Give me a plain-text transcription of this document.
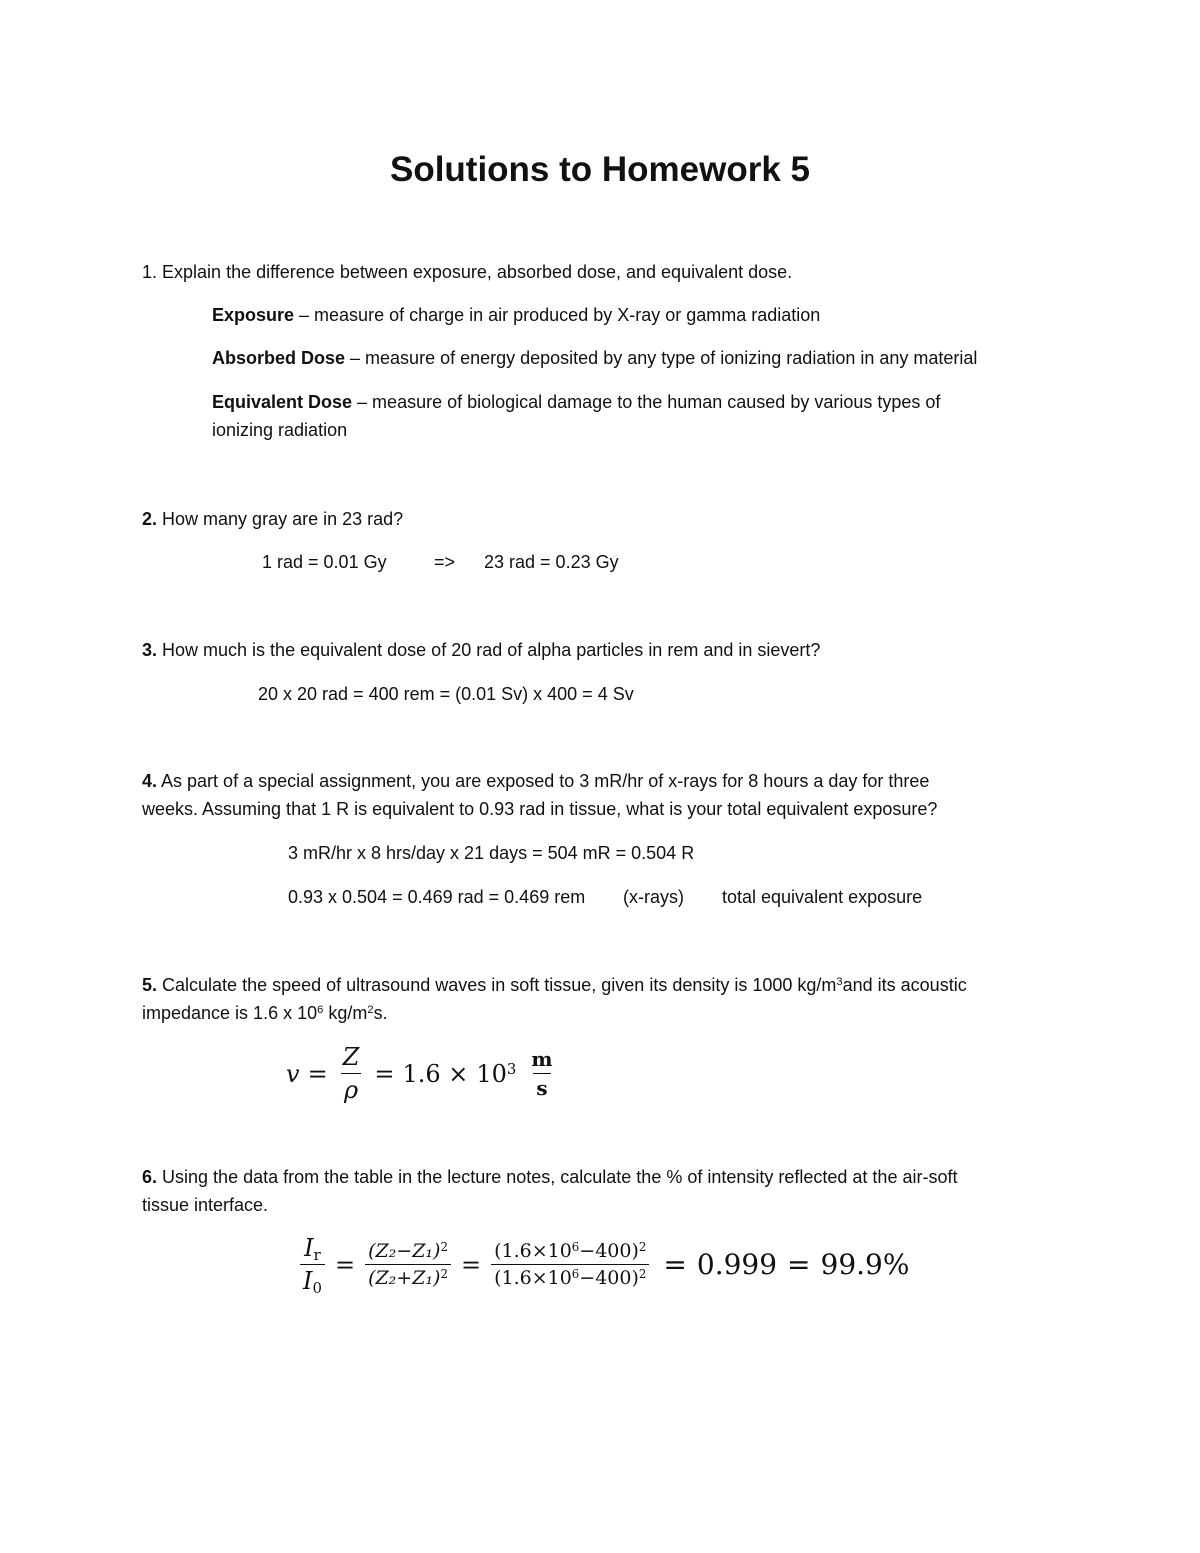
Solutions to Homework 5
1. Explain the difference between exposure, absorbed dose, and equivalent dose.
Exposure – measure of charge in air produced by X-ray or gamma radiation
Absorbed Dose – measure of energy deposited by any type of ionizing radiation in any material
Equivalent Dose – measure of biological damage to the human caused by various types of
ionizing radiation
2. How many gray are in 23 rad?
1 rad = 0.01 Gy	=> 23 rad = 0.23 Gy
3. How much is the equivalent dose of 20 rad of alpha particles in rem and in sievert?
20 x 20 rad = 400 rem = (0.01 Sv) x 400 = 4 Sv
4. As part of a special assignment, you are exposed to 3 mR/hr of x-rays for 8 hours a day for three
weeks. Assuming that 1 R is equivalent to 0.93 rad in tissue, what is your total equivalent exposure?
3 mR/hr x 8 hrs/day x 21 days = 504 mR = 0.504 R
0.93 x 0.504 = 0.469 rad = 0.469 rem (x-rays) total equivalent exposure
5. Calculate the speed of ultrasound waves in soft tissue, given its density is 1000 $kg/m^3and$ its acoustic
impedance is 1.6 x $10^6$ $kg/m^2s$.
$v = \frac{Z}{\rho} = 1.6 \times 10^3 \frac{m}{s}$
6. Using the data from the table in the lecture notes, calculate the % of intensity reflected at the air-soft
tissue interface.
$\frac{I_r}{I_0} = \frac{(Z_2-Z_1)^2}{(Z_2+Z_1)^2} = \frac{(1.6\times 10^6-400)^2}{(1.6\times 10^6-400)^2} = 0.999 = 99.9\%$
